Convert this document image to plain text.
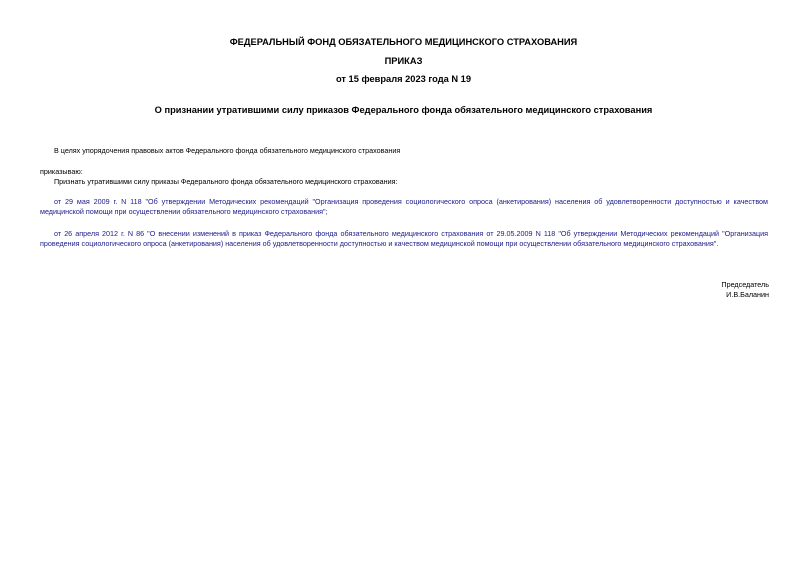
ФЕДЕРАЛЬНЫЙ ФОНД ОБЯЗАТЕЛЬНОГО МЕДИЦИНСКОГО СТРАХОВАНИЯ
ПРИКАЗ
от 15 февраля 2023 года N 19
О признании утратившими силу приказов Федерального фонда обязательного медицинского страхования
В целях упорядочения правовых актов Федерального фонда обязательного медицинского страхования
приказываю:
Признать утратившими силу приказы Федерального фонда обязательного медицинского страхования:
от 29 мая 2009 г. N 118 "Об утверждении Методических рекомендаций "Организация проведения социологического опроса (анкетирования) населения об удовлетворенности доступностью и качеством медицинской помощи при осуществлении обязательного медицинского страхования";
от 26 апреля 2012 г. N 86 "О внесении изменений в приказ Федерального фонда обязательного медицинского страхования от 29.05.2009 N 118 "Об утверждении Методических рекомендаций "Организация проведения социологического опроса (анкетирования) населения об удовлетворенности доступностью и качеством медицинской помощи при осуществлении обязательного медицинского страхования".
Председатель
И.В.Баланин
